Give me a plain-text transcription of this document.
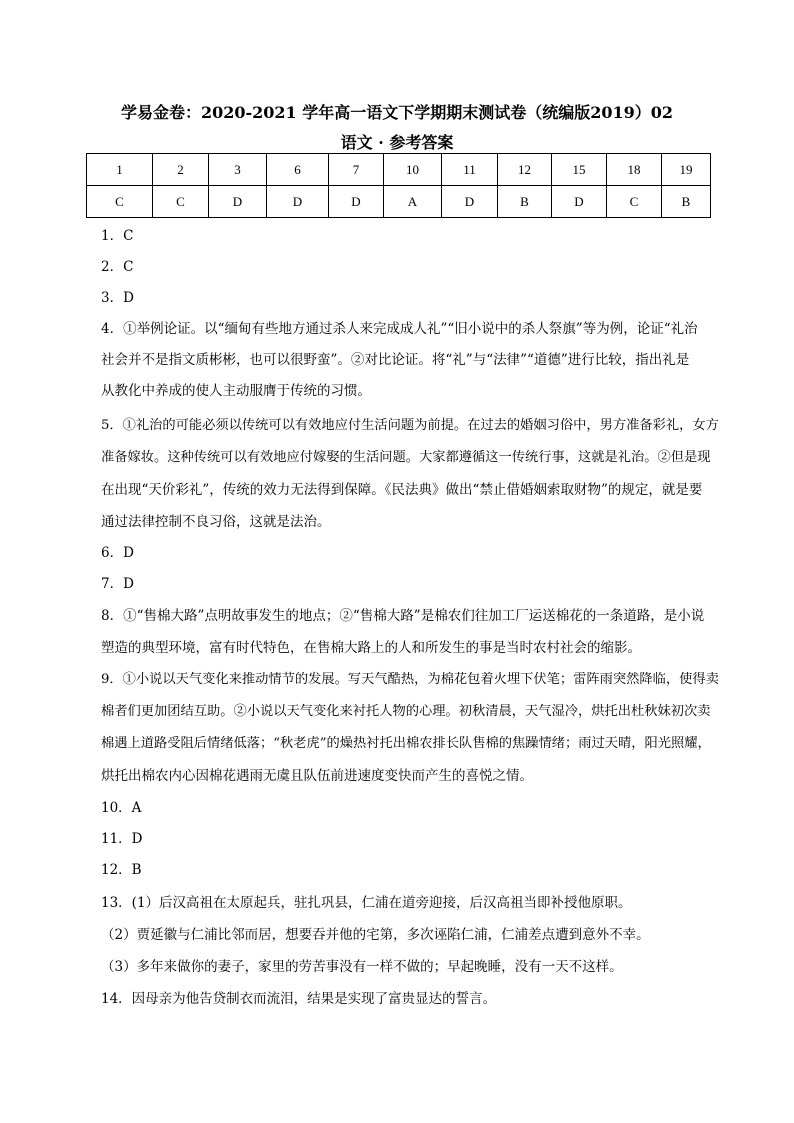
学易金卷：2020-2021 学年高一语文下学期期末测试卷（统编版2019）02
语文 · 参考答案
1	2	3	6	7	10	11	12	15	18	19
C	C	D	D	D	A	D	B	D	C	B
1．C
2．C
3．D
4．①举例论证。以“缅甸有些地方通过杀人来完成成人礼”“旧小说中的杀人祭旗”等为例，论证“礼治
社会并不是指文质彬彬，也可以很野蛮”。②对比论证。将“礼”与“法律”“道德”进行比较，指出礼是
从教化中养成的使人主动服膺于传统的习惯。
5．①礼治的可能必须以传统可以有效地应付生活问题为前提。在过去的婚姻习俗中，男方准备彩礼，女方
准备嫁妆。这种传统可以有效地应付嫁娶的生活问题。大家都遵循这一传统行事，这就是礼治。②但是现
在出现“天价彩礼”，传统的效力无法得到保障。《民法典》做出“禁止借婚姻索取财物”的规定，就是要
通过法律控制不良习俗，这就是法治。
6．D
7．D
8．①“售棉大路”点明故事发生的地点；②“售棉大路”是棉农们往加工厂运送棉花的一条道路，是小说
塑造的典型环境，富有时代特色，在售棉大路上的人和所发生的事是当时农村社会的缩影。
9．①小说以天气变化来推动情节的发展。写天气酷热，为棉花包着火埋下伏笔；雷阵雨突然降临，使得卖
棉者们更加团结互助。②小说以天气变化来衬托人物的心理。初秋清晨，天气湿冷，烘托出杜秋妹初次卖
棉遇上道路受阻后情绪低落；“秋老虎”的燥热衬托出棉农排长队售棉的焦躁情绪；雨过天晴，阳光照耀，
烘托出棉农内心因棉花遇雨无虞且队伍前进速度变快而产生的喜悦之情。
10．A
11．D
12．B
13．(1）后汉高祖在太原起兵，驻扎巩县，仁浦在道旁迎接，后汉高祖当即补授他原职。
（2）贾延徽与仁浦比邻而居，想要吞并他的宅第，多次诬陷仁浦，仁浦差点遭到意外不幸。
（3）多年来做你的妻子，家里的劳苦事没有一样不做的；早起晚睡，没有一天不这样。
14．因母亲为他告贷制衣而流泪，结果是实现了富贵显达的誓言。
